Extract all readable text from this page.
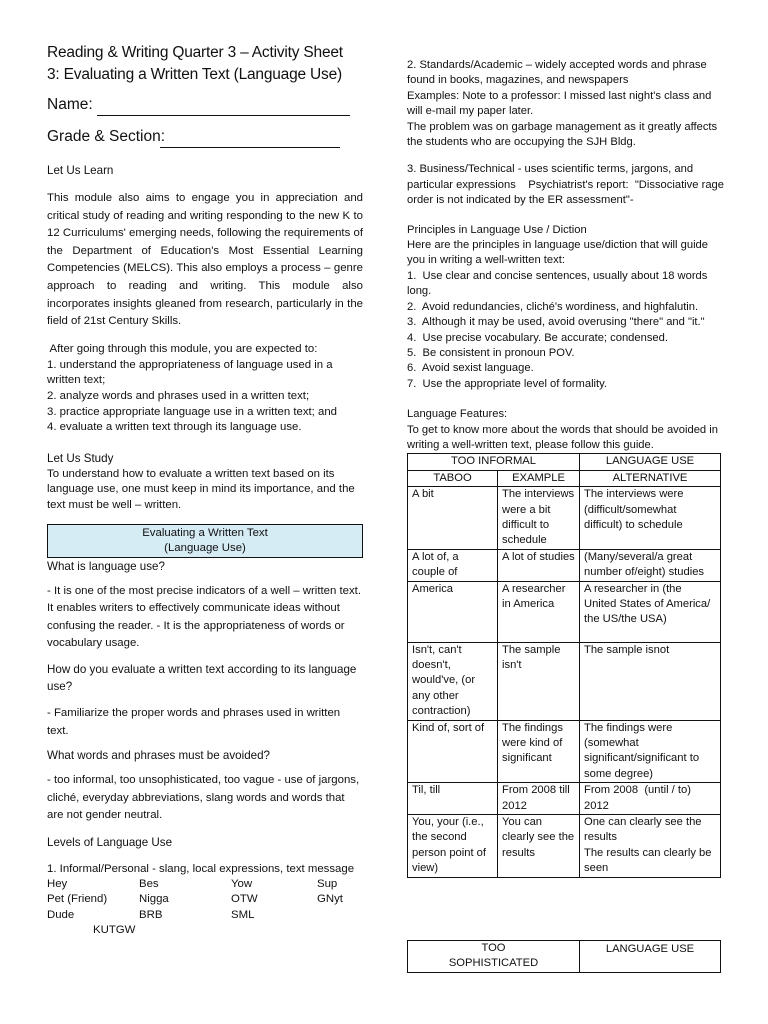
Reading & Writing Quarter 3 – Activity Sheet
3: Evaluating a Written Text (Language Use)
Name:
Grade & Section:
Let Us Learn

This module also aims to engage you in appreciation and critical study of reading and writing responding to the new K to 12 Curriculums' emerging needs, following the requirements of the Department of Education's Most Essential Learning Competencies (MELCS). This also employs a process – genre approach to reading and writing. This module also incorporates insights gleaned from research, particularly in the field of 21st Century Skills.

After going through this module, you are expected to:

1. understand the appropriateness of language used in a written text;
2. analyze words and phrases used in a written text;
3. practice appropriate language use in a written text; and
4. evaluate a written text through its language use.
Let Us Study

To understand how to evaluate a written text based on its language use, one must keep in mind its importance, and the text must be well – written.

Evaluating a Written Text
(Language Use)
What is language use?

- It is one of the most precise indicators of a well – written text. It enables writers to effectively communicate ideas without confusing the reader. - It is the appropriateness of words or vocabulary usage.

How do you evaluate a written text according to its language use?

- Familiarize the proper words and phrases used in written text.

What words and phrases must be avoided?

- too informal, too unsophisticated, too vague - use of jargons, cliché, everyday abbreviations, slang words and words that are not gender neutral.

Levels of Language Use

1. Informal/Personal - slang, local expressions, text message

Hey	Bes	Yow	Sup
Pet (Friend)	Nigga	OTW	GNyt
Dude	BRB	SML
KUTGW

2. Standards/Academic – widely accepted words and phrase found in books, magazines, and newspapers

Examples: Note to a professor: I missed last night's class and will e-mail my paper later.

The problem was on garbage management as it greatly affects the students who are occupying the SJH Bldg.

3. Business/Technical - uses scientific terms, jargons, and particular expressions    Psychiatrist's report:  "Dissociative rage order is not indicated by the ER assessment"-

Principles in Language Use / Diction

Here are the principles in language use/diction that will guide you in writing a well-written text:

1.  Use clear and concise sentences, usually about 18 words long.
2.  Avoid redundancies, cliché's wordiness, and highfalutin.
3.  Although it may be used, avoid overusing "there" and "it."
4.  Use precise vocabulary. Be accurate; condensed.
5.  Be consistent in pronoun POV.
6.  Avoid sexist language.
7.  Use the appropriate level of formality.
Language Features:

To get to know more about the words that should be avoided in writing a well-written text, please follow this guide.

TOO INFORMAL		LANGUAGE USE
TABOO	EXAMPLE	ALTERNATIVE
A bit	The interviews were a bit difficult to schedule	The interviews were (difficult/somewhat difficult) to schedule
A lot of, a couple of	A lot of studies	(Many/several/a great number of/eight) studies
America	A researcher in America	A researcher in (the United States of America/ the US/the USA)
Isn't, can't doesn't, would've, (or any other contraction)	The sample isn't	The sample isnot
Kind of, sort of	The findings were kind of significant	The findings were (somewhat significant/significant to some degree)
Til, till	From 2008 till 2012	From 2008  (until / to) 2012
You, your (i.e., the second person point of view)	You can clearly see the results	One can clearly see the results
The results can clearly be seen
TOO SOPHISTICATED	LANGUAGE USE
